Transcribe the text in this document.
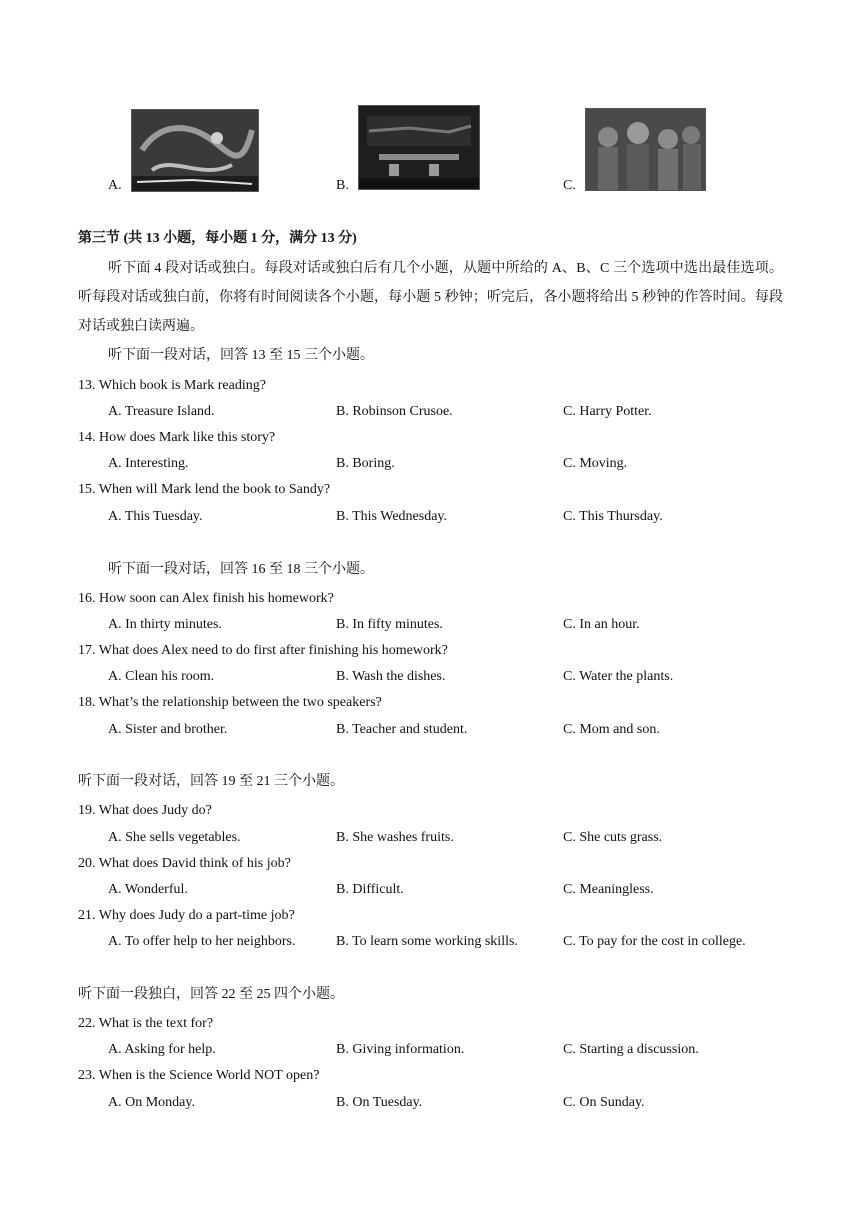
A.	B.	C.
第三节 (共 13 小题，每小题 1 分，满分 13 分)
听下面 4 段对话或独白。每段对话或独白后有几个小题，从题中所给的 A、B、C 三个选项中选出最佳选项。听每段对话或独白前，你将有时间阅读各个小题，每小题 5 秒钟；听完后，各小题将给出 5 秒钟的作答时间。每段对话或独白读两遍。
听下面一段对话，回答 13 至 15 三个小题。
13. Which book is Mark reading?
A. Treasure Island.	B. Robinson Crusoe.	C. Harry Potter.
14. How does Mark like this story?
A. Interesting.	B. Boring.	C. Moving.
15. When will Mark lend the book to Sandy?
A. This Tuesday.	B. This Wednesday.	C. This Thursday.
听下面一段对话，回答 16 至 18 三个小题。
16. How soon can Alex finish his homework?
A. In thirty minutes.	B. In fifty minutes.	C. In an hour.
17. What does Alex need to do first after finishing his homework?
A. Clean his room.	B. Wash the dishes.	C. Water the plants.
18. What’s the relationship between the two speakers?
A. Sister and brother.	B. Teacher and student.	C. Mom and son.
听下面一段对话，回答 19 至 21 三个小题。
19. What does Judy do?
A. She sells vegetables.	B. She washes fruits.	C. She cuts grass.
20. What does David think of his job?
A. Wonderful.	B. Difficult.	C. Meaningless.
21. Why does Judy do a part-time job?
A. To offer help to her neighbors.	B. To learn some working skills.	C. To pay for the cost in college.
听下面一段独白，回答 22 至 25 四个小题。
22. What is the text for?
A. Asking for help.	B. Giving information.	C. Starting a discussion.
23. When is the Science World NOT open?
A. On Monday.	B. On Tuesday.	C. On Sunday.
